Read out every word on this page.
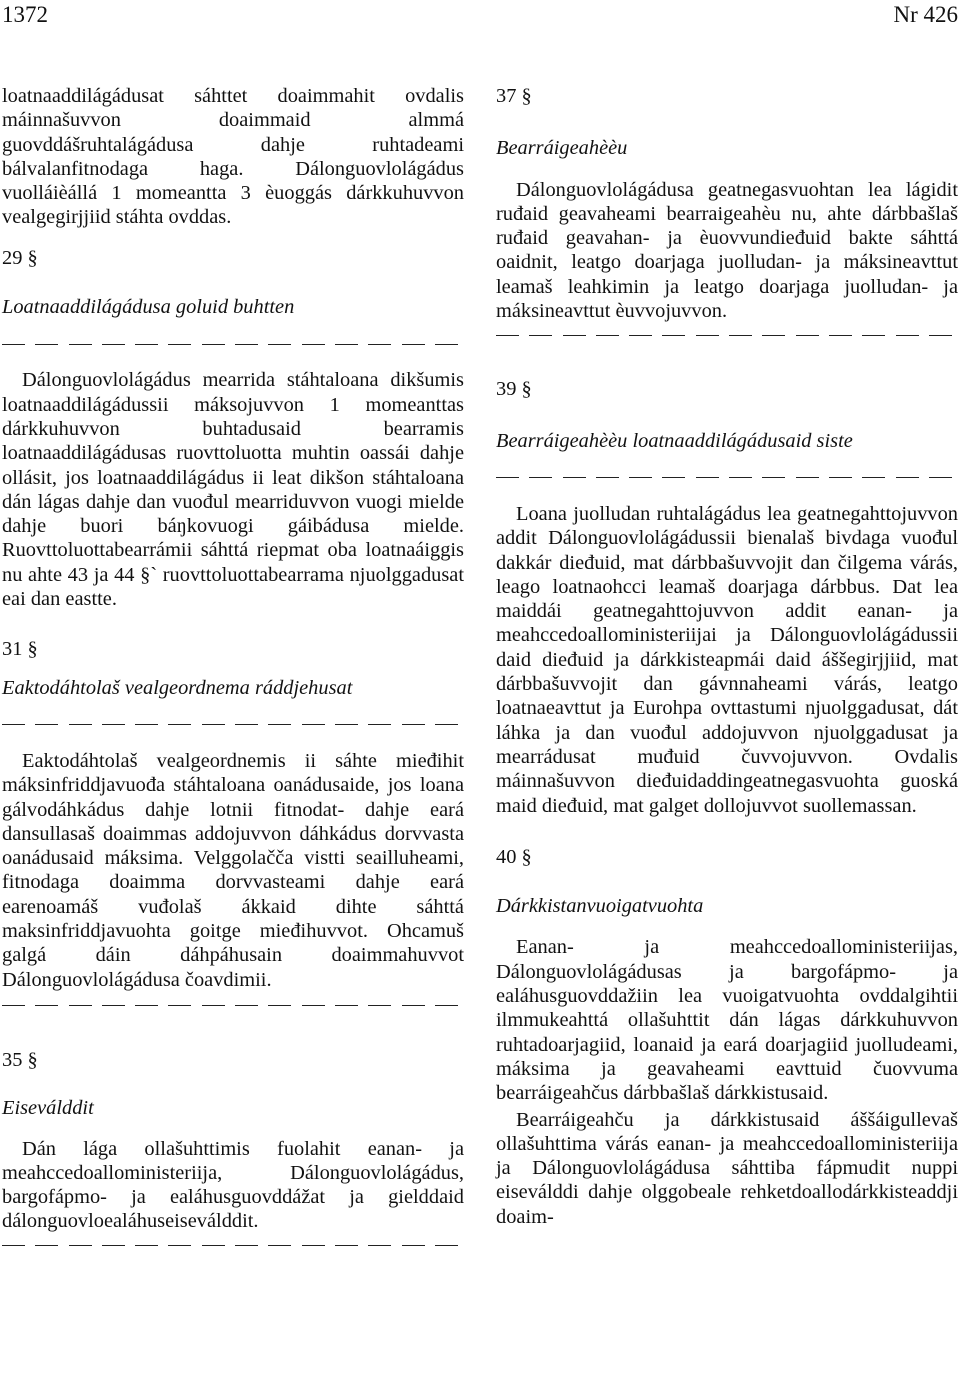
1372	Nr 426

loatnaaddilágádusat sáhttet doaimmahit ovdalis máinnašuvvon doaimmaid almmá guovddášruhtalágádusa dahje ruhtadeami bálvalanfitnodaga haga. Dálonguovlolágádus vuolláièállá 1 momeantta 3 èuoggás dárkkuhuvvon vealgegirjjiid stáhta ovddas.

29 §

Loatnaaddilágádusa goluid buhtten

Dálonguovlolágádus mearrida stáhtaloana dikšumis loatnaaddilágádussii máksojuvvon 1 momeanttas dárkkuhuvvon buhtadusaid bearramis loatnaaddilágádusas ruovttoluotta muhtin oassái dahje ollásit, jos loatnaaddilágádus ii leat dikšon stáhtaloana dán lágas dahje dan vuođul mearriduvvon vuogi mielde dahje buori báŋkovuogi gáibádusa mielde. Ruovttoluottabearrámii sáhttá riepmat oba loatnaáiggis nu ahte 43 ja 44 §` ruovttoluottabearrama njuolggadusat eai dan eastte.

31 §

Eaktodáhtolaš vealgeordnema ráddjehusat

Eaktodáhtolaš vealgeordnemis ii sáhte mieđihit máksinfriddjavuođa stáhtaloana oanádusaide, jos loana gálvodáhkádus dahje lotnii fitnodat- dahje eará dansullasaš doaimmas addojuvvon dáhkádus dorvvasta oanádusaid máksima. Velggolačča vistti seailluheami, fitnodaga doaimma dorvvasteami dahje eará earenoamáš vuđolaš ákkaid dihte sáhttá maksinfriddjavuohta goitge mieđihuvvot. Ohcamuš galgá dáin dáhpáhusain doaimmahuvvot Dálonguovlolágádusa čoavdimii.

35 §

Eiseválddit

Dán lága ollašuhttimis fuolahit eanan- ja meahccedoalloministeriija, Dálonguovlolágádus, bargofápmo- ja ealáhusguovddážat ja gielddaid dálonguovloealáhuseiseválddit.

37 §

Bearráigeahèèu

Dálonguovlolágádusa geatnegasvuohtan lea lágidit ruđaid geavaheami bearraigeahèu nu, ahte dárbbašlaš ruđaid geavahan- ja èuovvundieđuid bakte sáhttá oaidnit, leatgo doarjaga juolludan- ja máksineavttut leamaš leahkimin ja leatgo doarjaga juolludan- ja máksineavttut èuvvojuvvon.

39 §

Bearráigeahèèu loatnaaddilágádusaid siste

Loana juolludan ruhtalágádus lea geatnegahttojuvvon addit Dálonguovlolágádussii bienalaš bivdaga vuođul dakkár dieđuid, mat dárbbašuvvojit dan čilgema várás, leago loatnaohcci leamaš doarjaga dárbbus. Dat lea maiddái geatnegahttojuvvon addit eanan- ja meahccedoalloministeriijai ja Dálonguovlolágádussii daid dieđuid ja dárkkisteapmái daid áššegirjjiid, mat dárbbašuvvojit dan gávnnaheami várás, leatgo loatnaeavttut ja Eurohpa ovttastumi njuolggadusat, dát láhka ja dan vuođul addojuvvon njuolggadusat ja mearrádusat muđuid čuvvojuvvon. Ovdalis máinnašuvvon dieđuidaddingeatnegasvuohta guoská maid dieđuid, mat galget dollojuvvot suollemassan.

40 §

Dárkkistanvuoigatvuohta

Eanan- ja meahccedoalloministeriijas, Dálonguovlolágádusas ja bargofápmo- ja ealáhusguovddažiin lea vuoigatvuohta ovddalgihtii ilmmukeahttá ollašuhttit dán lágas dárkkuhuvvon ruhtadoarjagiid, loanaid ja eará doarjagiid juolludeami, máksima ja geavaheami eavttuid čuovvuma bearráigeahčus dárbbašlaš dárkkistusaid.

Bearráigeahču ja dárkkistusaid áššáigullevaš ollašuhttima várás eanan- ja meahccedoalloministeriija ja Dálonguovlolágádusa sáhttiba fápmudit nuppi eiseválddi dahje olggobeale rehketdoallodárkkisteaddji doaim-
